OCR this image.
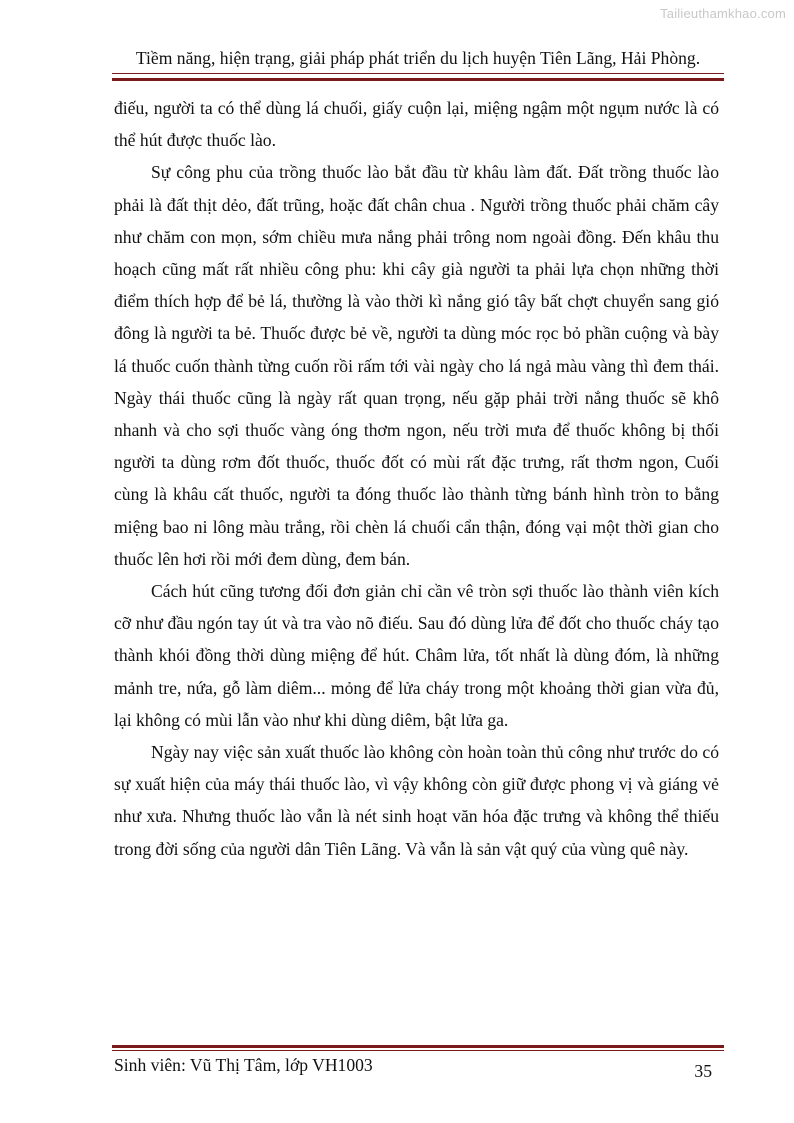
Tailieuthamkhao.com
Tiềm năng, hiện trạng, giải pháp phát triển du lịch huyện Tiên Lãng, Hải Phòng.

điếu, người ta có thể dùng lá chuối, giấy cuộn lại, miệng ngậm một ngụm nước là có thể hút được thuốc lào.

Sự công phu của trồng thuốc lào bắt đầu từ khâu làm đất. Đất trồng thuốc lào phải là đất thịt dẻo, đất trũng, hoặc đất chân chua . Người trồng thuốc phải chăm cây như chăm con mọn, sớm chiều mưa nắng phải trông nom ngoài đồng. Đến khâu thu hoạch cũng mất rất nhiều công phu: khi cây già người ta phải lựa chọn những thời điểm thích hợp để bẻ lá, thường là vào thời kì nắng gió tây bất chợt chuyển sang gió đông là người ta bẻ. Thuốc được bẻ về, người ta dùng móc rọc bỏ phần cuộng và bày lá thuốc cuốn thành từng cuốn rồi rấm tới vài ngày cho lá ngả màu vàng thì đem thái. Ngày thái thuốc cũng là ngày rất quan trọng, nếu gặp phải trời nắng thuốc sẽ khô nhanh và cho sợi thuốc vàng óng thơm ngon, nếu trời mưa để thuốc không bị thối người ta dùng rơm đốt thuốc, thuốc đốt có mùi rất đặc trưng, rất thơm ngon, Cuối cùng là khâu cất thuốc, người ta đóng thuốc lào thành từng bánh hình tròn to bằng miệng bao ni lông màu trắng, rồi chèn lá chuối cẩn thận, đóng vại một thời gian cho thuốc lên hơi rồi mới đem dùng, đem bán.

Cách hút cũng tương đối đơn giản chỉ cần vê tròn sợi thuốc lào thành viên kích cỡ như đầu ngón tay út và tra vào nõ điếu. Sau đó dùng lửa để đốt cho thuốc cháy tạo thành khói đồng thời dùng miệng để hút. Châm lửa, tốt nhất là dùng đóm, là những mảnh tre, nứa, gỗ làm diêm... mỏng để lửa cháy trong một khoảng thời gian vừa đủ, lại không có mùi lẫn vào như khi dùng diêm, bật lửa ga.

Ngày nay việc sản xuất thuốc lào không còn hoàn toàn thủ công như trước do có sự xuất hiện của máy thái thuốc lào, vì vậy không còn giữ được phong vị và giáng vẻ như xưa. Nhưng thuốc lào vẫn là nét sinh hoạt văn hóa đặc trưng và không thể thiếu trong đời sống của người dân Tiên Lãng. Và vẫn là sản vật quý của vùng quê này.

Sinh viên: Vũ Thị Tâm, lớp VH1003	35
